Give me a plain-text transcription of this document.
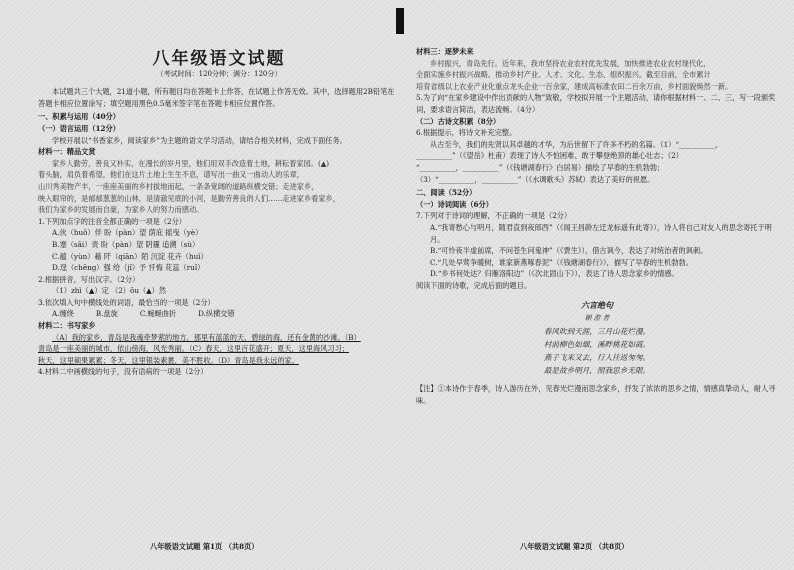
八年级语文试题
（考试时间：120分钟；满分：120分）

本试题共三个大题，21道小题，所有题目均在答题卡上作答，在试题上作答无效。其中，选择题用2B铅笔在答题卡相应位置涂写；填空题用黑色0.5毫米签字笔在答题卡相应位置作答。

一、积累与运用（40分）

（一）语言运用（12分）

学校开展以“书香家乡，阅读家乡”为主题的语文学习活动，请结合相关材料，完成下面任务。

材料一：精品文赏

家乡人勤劳，善良又朴实，在漫长的岁月里，他们用双手改造着土地，耕耘着家园。(▲)

着头脑，肩负着希望，他们在这片土地上生生不息，谱写出一曲又一曲动人的乐章，

山川秀美物产丰，一座座美丽的乡村拔地而起，一条条宽阔的道路纵横交错；走进家乡，

映入眼帘的，是郁郁葱葱的山林，是清澈见底的小河，是勤劳善良的人们……走进家乡看家乡，

我们为家乡的发展而自豪，为家乡人的努力而感动。

1.下列加点字的注音全都正确的一项是（2分）

A.伙（huǒ）伴 盼（pàn）望 荫庇 摇曳（yè）

B.塞（sāi）责 盼（pàn）望 阴霾 追溯（sù）

C.蕴（yùn）藉 阡（qiān）陌 沉淀 花卉（huì）

D.逞（chěng）强 给（jǐ）予 忏悔 花蕊（ruǐ）

2.根据拼音，写出汉字。（2分）

（1）zhì（▲）定 （2）ǒu（▲）然

3.依次填入句中横线处的词语，最恰当的一项是（2分）

A.缠绕	B.盘旋	C.蜿蜒曲折	D.纵横交错

材料二：书写家乡

（A）我的家乡，青岛是我魂牵梦萦的地方，那里有蓝蓝的天，碧绿的海，还有金黄的沙滩。（B）

青岛是一座美丽的城市，依山傍海，风光秀丽。（C）春天，这里百花盛开；夏天，这里海风习习；

秋天，这里硕果累累；冬天，这里银装素裹，美不胜收。（D）青岛是我永远的家。

4.材料二中画横线的句子，没有语病的一项是（2分）

材料三：逐梦未来

乡村振兴，青岛先行。近年来，我市坚持农业农村优先发展，加快推进农业农村现代化，

全面实施乡村振兴战略，推动乡村产业、人才、文化、生态、组织振兴。截至目前，全市累计

培育省级以上农业产业化重点龙头企业一百余家，建成高标准农田二百余万亩，乡村面貌焕然一新。

5.为了向“在家乡建设中作出贡献的人物”致敬，学校拟开展一个主题活动，请你根据材料一、二、三，写一段颁奖词，要求语言简洁，表达流畅。（4分）

（二）古诗文积累（8分）

6.根据提示，将诗文补充完整。

从古至今，我们的先贤以其卓越的才华，为后世留下了许多不朽的名篇。（1）“__________，

__________”（《望岳》杜甫）表现了诗人不怕困难、敢于攀登绝顶的雄心壮志；（2）

“__________，__________”（《钱塘湖春行》白居易）描绘了早春的生机勃勃；

（3）“__________，__________”（《水调歌头》苏轼）表达了美好的祝愿。

二、阅读（52分）

（一）诗词阅读（6分）

7.下列对于诗词的理解，不正确的一项是（2分）

A.“我寄愁心与明月，随君直到夜郎西”（《闻王昌龄左迁龙标遥有此寄》），诗人将自己对友人的思念寄托于明月。

B.“可怜夜半虚前席，不问苍生问鬼神”（《贾生》），借古讽今，表达了对统治者的讽刺。

C.“几处早莺争暖树，谁家新燕啄春泥”（《钱塘湖春行》），描写了早春的生机勃勃。

D.“乡书何处达？归雁洛阳边”（《次北固山下》），表达了诗人思念家乡的情感。

阅读下面的诗歌，完成后面的题目。

六言绝句
朝 游 者
春风吹到天涯，三月山花烂漫。
村前柳色如烟，溪畔桃花如霞。
燕子飞来又去，行人往返匆匆。
最是故乡明月，照我思乡无限。

【注】①本诗作于春季，诗人游历在外，见春光烂漫而思念家乡，抒发了浓浓的思乡之情，情感真挚动人，耐人寻味。

八年级语文试题 第1页 （共8页）	八年级语文试题 第2页 （共8页）
